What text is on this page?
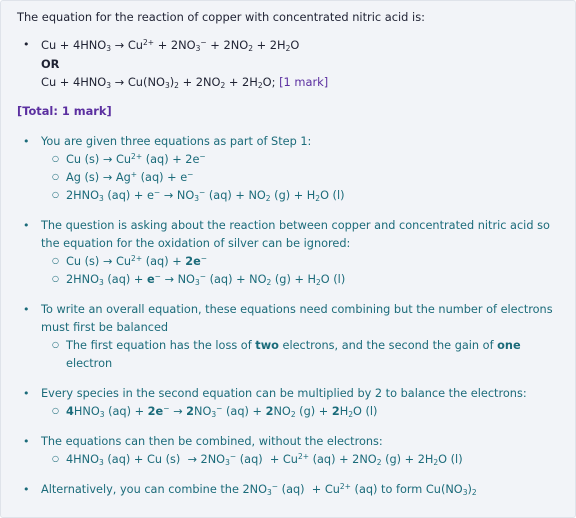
The equation for the reaction of copper with concentrated nitric acid is:
• $Cu + 4HNO_3 \to Cu^{2+} + 2NO_3^- + 2NO_2 + 2H_2O$
OR
$Cu + 4HNO_3 \to Cu(NO_3)_2 + 2NO_2 + 2H_2O$; [1 mark]
[Total: 1 mark]
• You are given three equations as part of Step 1:
○ Cu $(s) \to Cu^{2+}$ (aq) + 2e−
○ Ag (s) → Ag+ (aq) + e−
○ $2HNO_3$ $(aq) + e^- \to NO_3^-$ $(aq) + NO_2$ $(g) + H_2O$ (l)
• The question is asking about the reaction between copper and concentrated nitric acid so
the equation for the oxidation of silver can be ignored:
○ Cu $(s) \to Cu^{2+}$ (aq) + 2e−
○ $2HNO_3$ $(aq) + e^- \to NO_3^-$ $(aq) + NO_2$ $(g) + H_2O$ (l)
• To write an overall equation, these equations need combining but the number of electrons
must first be balanced
○ The first equation has the loss of two electrons, and the second the gain of one
electron
• Every species in the second equation can be multiplied by 2 to balance the electrons:
○ $4HNO_3$ $(aq) + 2e^- \to 2NO_3^-$ $(aq) + 2NO_2$ $(g) + 2H_2O$ (l)
• The equations can then be combined, without the electrons:
○ $4HNO_3$ (aq) + Cu $(s) \to 2NO_3^-$ $(aq) + Cu^{2+}$ $(aq) + 2NO_2$ $(g) + 2H_2O$ (l)
• Alternatively, you can combine the $2NO_3^-$ $(aq) + Cu^{2+}$ (aq) to form $Cu(NO_3)_2$
